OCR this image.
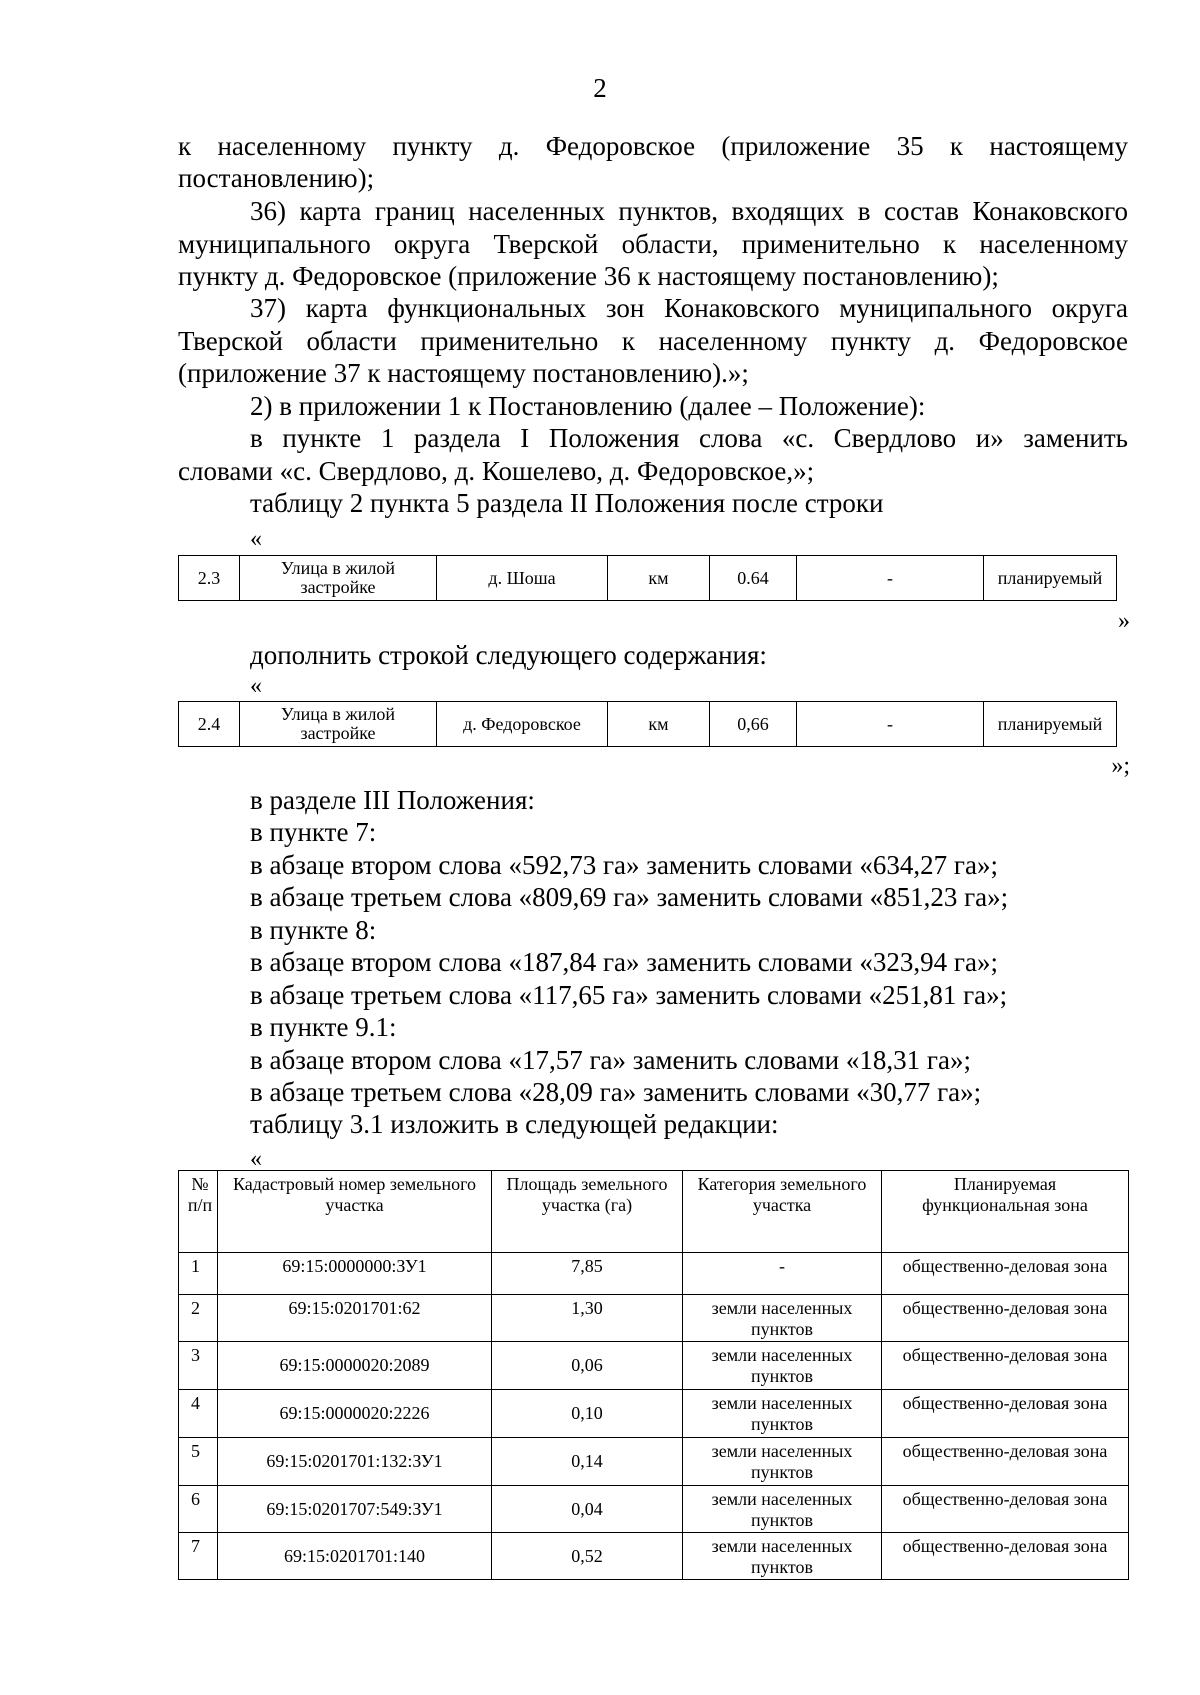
2

к населенному пункту д. Федоровское (приложение 35 к настоящему

постановлению);

36) карта границ населенных пунктов, входящих в состав Конаковского

муниципального округа Тверской области, применительно к населенному

пункту д. Федоровское (приложение 36 к настоящему постановлению);

37) карта функциональных зон Конаковского муниципального округа

Тверской области применительно к населенному пункту д. Федоровское

(приложение 37 к настоящему постановлению).»;

2) в приложении 1 к Постановлению (далее – Положение):

в пункте 1 раздела I Положения слова «с. Свердлово и» заменить

словами «с. Свердлово, д. Кошелево, д. Федоровское,»;

таблицу 2 пункта 5 раздела II Положения после строки

«
2.3	Улица в жилой застройке	д. Шоша	км	0.64	-	планируемый
»

дополнить строкой следующего содержания:

«
2.4	Улица в жилой застройке	д. Федоровское	км	0,66	-	планируемый
»;

в разделе III Положения:

в пункте 7:

в абзаце втором слова «592,73 га» заменить словами «634,27 га»;

в абзаце третьем слова «809,69 га» заменить словами «851,23 га»;

в пункте 8:

в абзаце втором слова «187,84 га» заменить словами «323,94 га»;

в абзаце третьем слова «117,65 га» заменить словами «251,81 га»;

в пункте 9.1:

в абзаце втором слова «17,57 га» заменить словами «18,31 га»;

в абзаце третьем слова «28,09 га» заменить словами «30,77 га»;

таблицу 3.1 изложить в следующей редакции:

«
№ п/п	Кадастровый номер земельного участка	Площадь земельного участка (га)	Категория земельного участка	Планируемая функциональная зона
1	69:15:0000000:ЗУ1	7,85	-	общественно-деловая зона
2	69:15:0201701:62	1,30	земли населенных пунктов	общественно-деловая зона
3	69:15:0000020:2089	0,06	земли населенных пунктов	общественно-деловая зона
4	69:15:0000020:2226	0,10	земли населенных пунктов	общественно-деловая зона
5	69:15:0201701:132:ЗУ1	0,14	земли населенных пунктов	общественно-деловая зона
6	69:15:0201707:549:ЗУ1	0,04	земли населенных пунктов	общественно-деловая зона
7	69:15:0201701:140	0,52	земли населенных пунктов	общественно-деловая зона
